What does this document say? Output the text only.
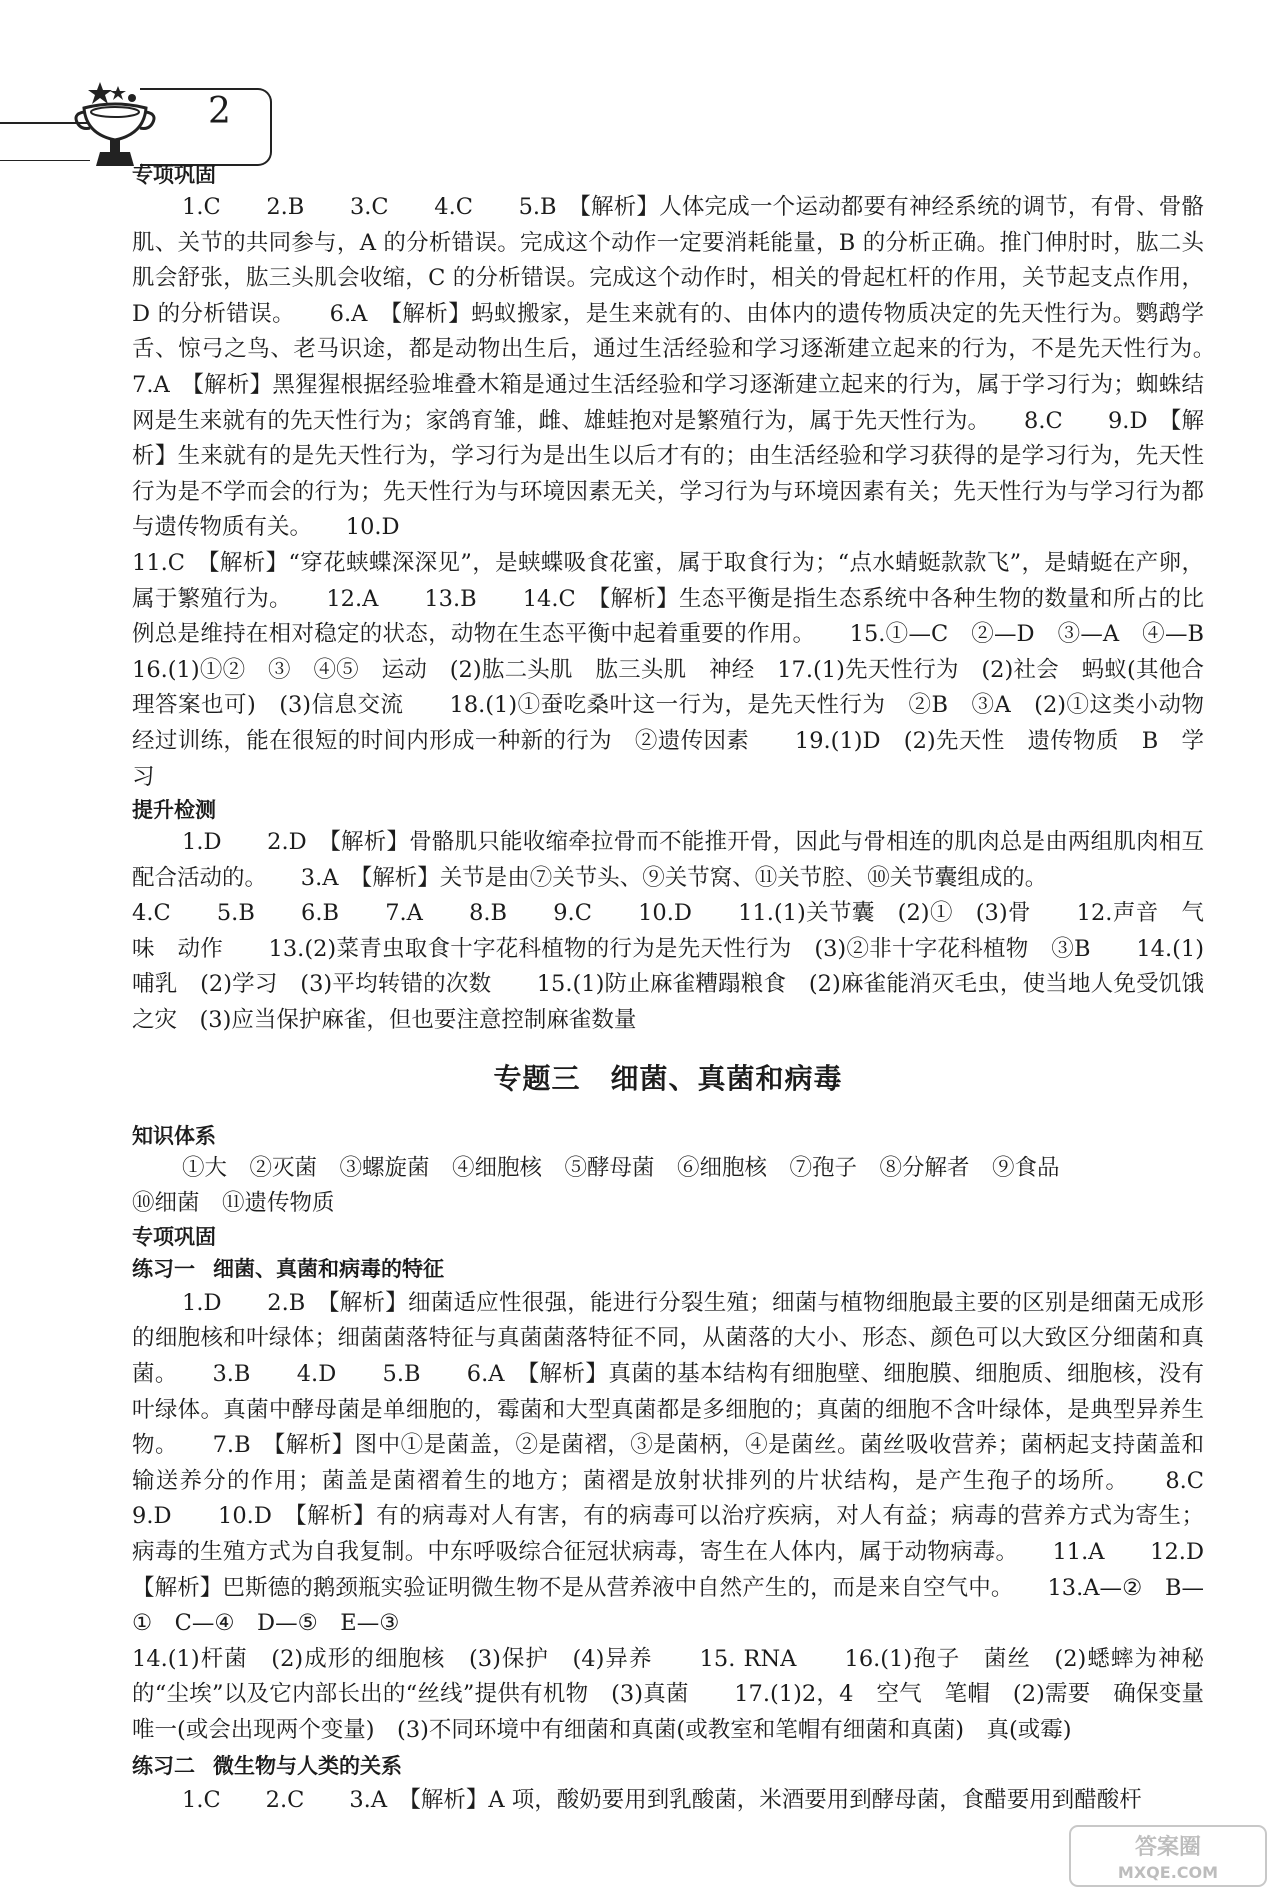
2

专项巩固

1.C　　2.B　　3.C　　4.C　　5.B　【解析】人体完成一个运动都要有神经系统的调节，有骨、骨骼肌、关节的共同参与，A 的分析错误。完成这个动作一定要消耗能量，B 的分析正确。推门伸肘时，肱二头肌会舒张，肱三头肌会收缩，C 的分析错误。完成这个动作时，相关的骨起杠杆的作用，关节起支点作用，D 的分析错误。　　6.A　【解析】蚂蚁搬家，是生来就有的、由体内的遗传物质决定的先天性行为。鹦鹉学舌、惊弓之鸟、老马识途，都是动物出生后，通过生活经验和学习逐渐建立起来的行为，不是先天性行为。　　7.A　【解析】黑猩猩根据经验堆叠木箱是通过生活经验和学习逐渐建立起来的行为，属于学习行为；蜘蛛结网是生来就有的先天性行为；家鸽育雏，雌、雄蛙抱对是繁殖行为，属于先天性行为。　　8.C　　9.D　【解析】生来就有的是先天性行为，学习行为是出生以后才有的；由生活经验和学习获得的是学习行为，先天性行为是不学而会的行为；先天性行为与环境因素无关，学习行为与环境因素有关；先天性行为与学习行为都与遗传物质有关。　　10.D

11.C　【解析】“穿花蛱蝶深深见”，是蛱蝶吸食花蜜，属于取食行为；“点水蜻蜓款款飞”，是蜻蜓在产卵，属于繁殖行为。　　12.A　　13.B　　14.C　【解析】生态平衡是指生态系统中各种生物的数量和所占的比例总是维持在相对稳定的状态，动物在生态平衡中起着重要的作用。　　15.①—C　②—D　③—A　④—B　　16.(1)①②　③　④⑤　运动　(2)肱二头肌　肱三头肌　神经　17.(1)先天性行为　(2)社会　蚂蚁(其他合理答案也可)　(3)信息交流　　18.(1)①蚕吃桑叶这一行为，是先天性行为　②B　③A　(2)①这类小动物经过训练，能在很短的时间内形成一种新的行为　②遗传因素　　19.(1)D　(2)先天性　遗传物质　B　学习

提升检测

1.D　　2.D　【解析】骨骼肌只能收缩牵拉骨而不能推开骨，因此与骨相连的肌肉总是由两组肌肉相互配合活动的。　　3.A　【解析】关节是由⑦关节头、⑨关节窝、⑪关节腔、⑩关节囊组成的。

4.C　　5.B　　6.B　　7.A　　8.B　　9.C　　10.D　　11.(1)关节囊　(2)①　(3)骨　　12.声音　气味　动作　　13.(2)菜青虫取食十字花科植物的行为是先天性行为　(3)②非十字花科植物　③B　　14.(1)哺乳　(2)学习　(3)平均转错的次数　　15.(1)防止麻雀糟蹋粮食　(2)麻雀能消灭毛虫，使当地人免受饥饿之灾　(3)应当保护麻雀，但也要注意控制麻雀数量

专题三 细菌、真菌和病毒

知识体系

①大　②灭菌　③螺旋菌　④细胞核　⑤酵母菌　⑥细胞核　⑦孢子　⑧分解者　⑨食品

⑩细菌　⑪遗传物质

专项巩固

练习一 细菌、真菌和病毒的特征

1.D　　2.B　【解析】细菌适应性很强，能进行分裂生殖；细菌与植物细胞最主要的区别是细菌无成形的细胞核和叶绿体；细菌菌落特征与真菌菌落特征不同，从菌落的大小、形态、颜色可以大致区分细菌和真菌。　　3.B　　4.D　　5.B　　6.A　【解析】真菌的基本结构有细胞壁、细胞膜、细胞质、细胞核，没有叶绿体。真菌中酵母菌是单细胞的，霉菌和大型真菌都是多细胞的；真菌的细胞不含叶绿体，是典型异养生物。　　7.B　【解析】图中①是菌盖，②是菌褶，③是菌柄，④是菌丝。菌丝吸收营养；菌柄起支持菌盖和输送养分的作用；菌盖是菌褶着生的地方；菌褶是放射状排列的片状结构，是产生孢子的场所。　　8.C　　9.D　　10.D　【解析】有的病毒对人有害，有的病毒可以治疗疾病，对人有益；病毒的营养方式为寄生；病毒的生殖方式为自我复制。中东呼吸综合征冠状病毒，寄生在人体内，属于动物病毒。　　11.A　　12.D　【解析】巴斯德的鹅颈瓶实验证明微生物不是从营养液中自然产生的，而是来自空气中。　　13.A—②　B—①　C—④　D—⑤　E—③

14.(1)杆菌　(2)成形的细胞核　(3)保护　(4)异养　　15. RNA　　16.(1)孢子　菌丝　(2)蟋蟀为神秘的“尘埃”以及它内部长出的“丝线”提供有机物　(3)真菌　　17.(1)2，4　空气　笔帽　(2)需要　确保变量唯一(或会出现两个变量)　(3)不同环境中有细菌和真菌(或教室和笔帽有细菌和真菌)　真(或霉)

练习二 微生物与人类的关系

1.C　　2.C　　3.A　【解析】A 项，酸奶要用到乳酸菌，米酒要用到酵母菌，食醋要用到醋酸杆

答案圈
MXQE.COM
